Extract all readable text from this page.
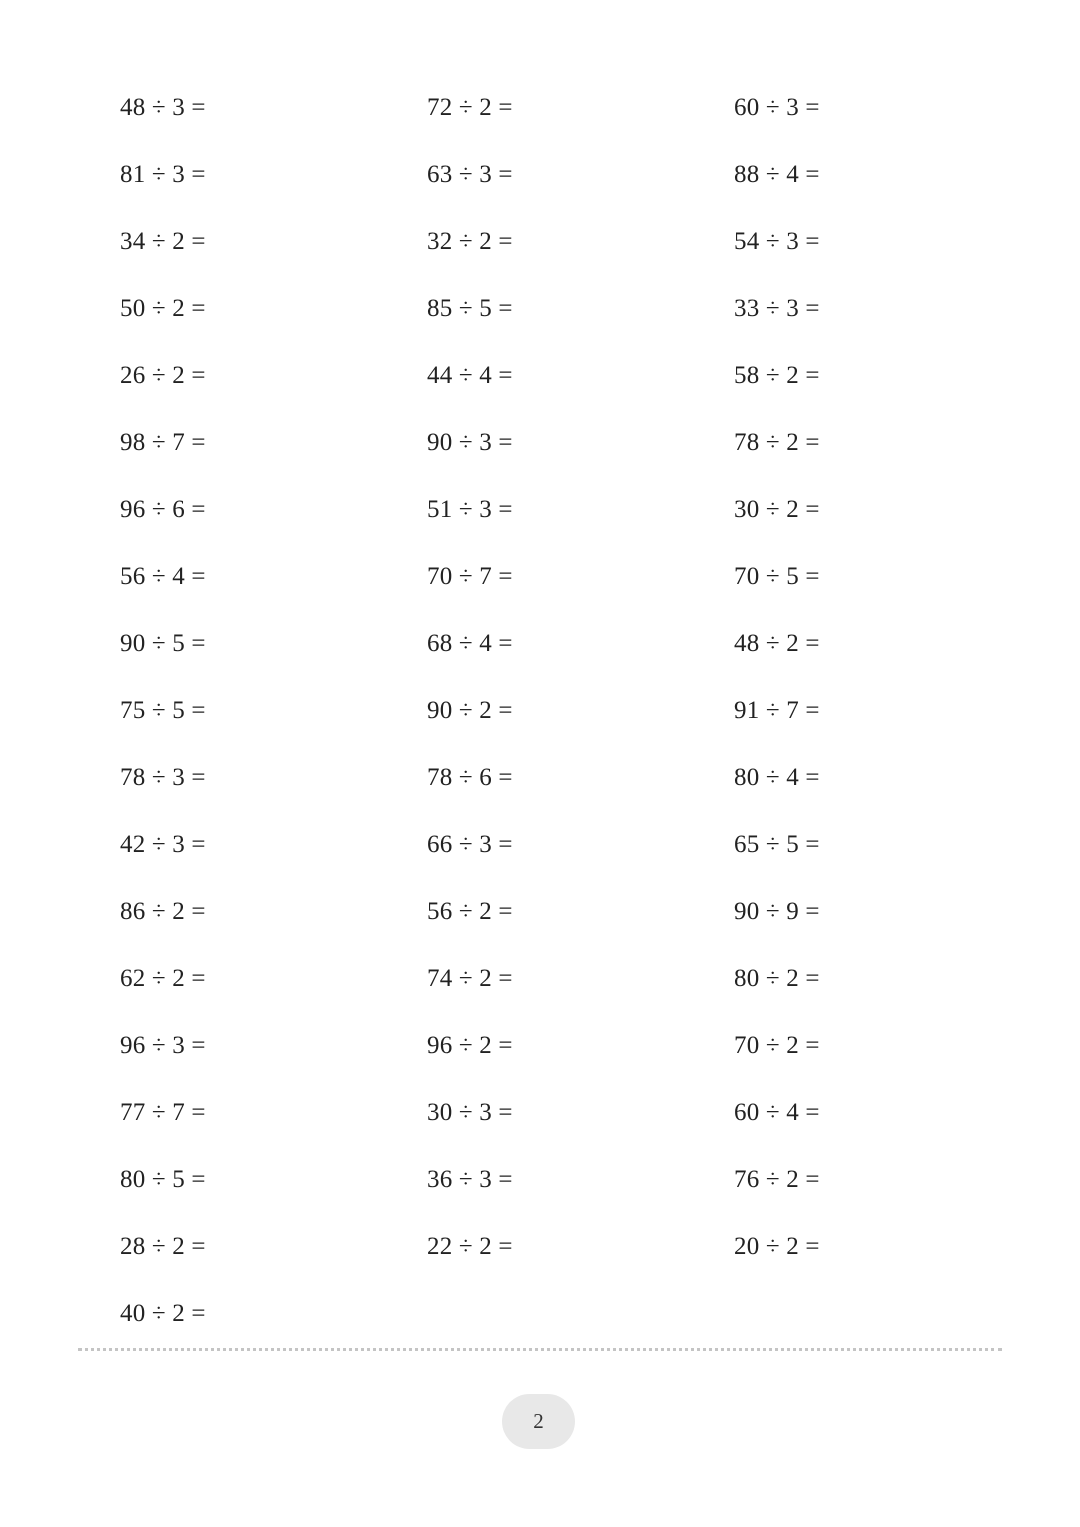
48 ÷ 3 =	72 ÷ 2 =	60 ÷ 3 =
81 ÷ 3 =	63 ÷ 3 =	88 ÷ 4 =
34 ÷ 2 =	32 ÷ 2 =	54 ÷ 3 =
50 ÷ 2 =	85 ÷ 5 =	33 ÷ 3 =
26 ÷ 2 =	44 ÷ 4 =	58 ÷ 2 =
98 ÷ 7 =	90 ÷ 3 =	78 ÷ 2 =
96 ÷ 6 =	51 ÷ 3 =	30 ÷ 2 =
56 ÷ 4 =	70 ÷ 7 =	70 ÷ 5 =
90 ÷ 5 =	68 ÷ 4 =	48 ÷ 2 =
75 ÷ 5 =	90 ÷ 2 =	91 ÷ 7 =
78 ÷ 3 =	78 ÷ 6 =	80 ÷ 4 =
42 ÷ 3 =	66 ÷ 3 =	65 ÷ 5 =
86 ÷ 2 =	56 ÷ 2 =	90 ÷ 9 =
62 ÷ 2 =	74 ÷ 2 =	80 ÷ 2 =
96 ÷ 3 =	96 ÷ 2 =	70 ÷ 2 =
77 ÷ 7 =	30 ÷ 3 =	60 ÷ 4 =
80 ÷ 5 =	36 ÷ 3 =	76 ÷ 2 =
28 ÷ 2 =	22 ÷ 2 =	20 ÷ 2 =
40 ÷ 2 =
2
